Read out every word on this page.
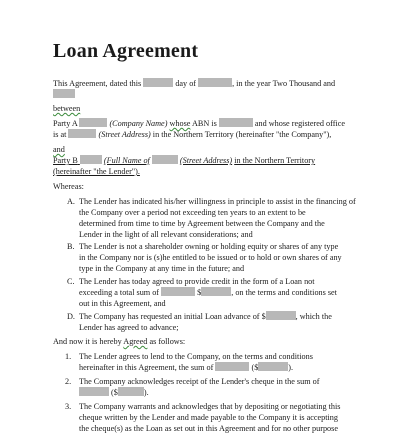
Loan Agreement
This Agreement, dated this	day of	, in the year Two Thousand and
between
Party A	(Company Name) whose ABN is	and whose registered office
is at	(Street Address) in the Northern Territory (hereinafter "the Company"),
and
Party B	(Full Name of	(Street Address) in the Northern Territory
(hereinafter "the Lender").
Whereas:
A. The Lender has indicated his/her willingness in principle to assist in the financing of
the Company over a period not exceeding ten years to an extent to be
determined from time to time by Agreement between the Company and the
Lender in the light of all relevant considerations; and
B. The Lender is not a shareholder owning or holding equity or shares of any type
in the Company nor is (s)he entitled to be issued or to hold or own shares of any
type in the Company at any time in the future; and
C. The Lender has today agreed to provide credit in the form of a Loan not
exceeding a total sum of	$	, on the terms and conditions set
out in this Agreement, and
D. The Company has requested an initial Loan advance of $	, which the
Lender has agreed to advance;
And now it is hereby Agreed as follows:
1. The Lender agrees to lend to the Company, on the terms and conditions
hereinafter in this Agreement, the sum of	($	).
2. The Company acknowledges receipt of the Lender's cheque in the sum of
($	).
3. The Company warrants and acknowledges that by depositing or negotiating this
cheque written by the Lender and made payable to the Company it is accepting
the cheque(s) as the Loan as set out in this Agreement and for no other purpose
